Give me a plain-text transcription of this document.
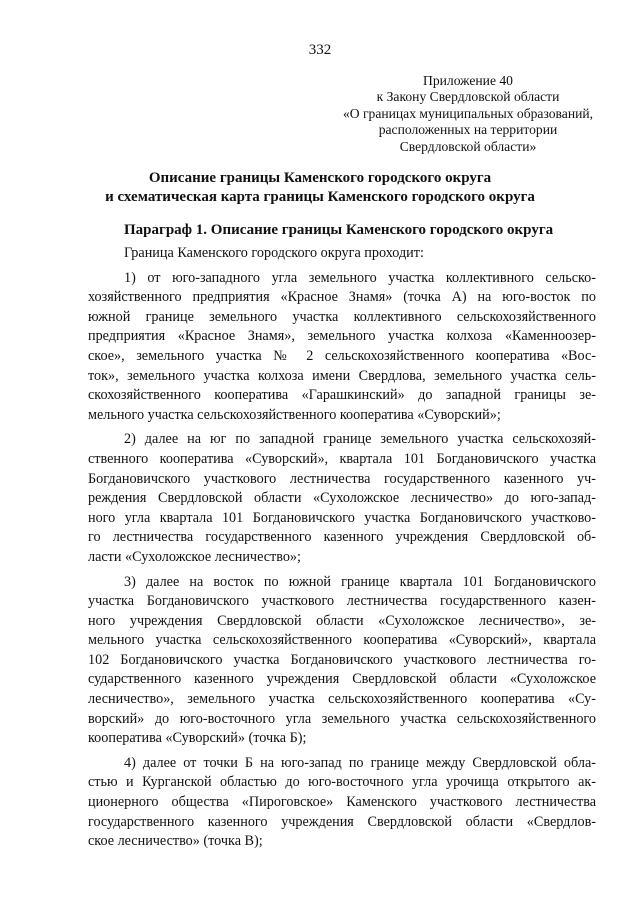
332
Приложение 40
к Закону Свердловской области
«О границах муниципальных образований,
расположенных на территории
Свердловской области»
Описание границы Каменского городского округа
и схематическая карта границы Каменского городского округа
Параграф 1. Описание границы Каменского городского округа
Граница Каменского городского округа проходит:
1) от юго-западного угла земельного участка коллективного сельско-
хозяйственного предприятия «Красное Знамя» (точка А) на юго-восток по
южной границе земельного участка коллективного сельскохозяйственного
предприятия «Красное Знамя», земельного участка колхоза «Каменноозер-
ское», земельного участка № 2 сельскохозяйственного кооператива «Вос-
ток», земельного участка колхоза имени Свердлова, земельного участка сель-
скохозяйственного кооператива «Гарашкинский» до западной границы зе-
мельного участка сельскохозяйственного кооператива «Суворский»;
2) далее на юг по западной границе земельного участка сельскохозяй-
ственного кооператива «Суворский», квартала 101 Богдановичского участка
Богдановичского участкового лестничества государственного казенного уч-
реждения Свердловской области «Сухоложское лесничество» до юго-запад-
ного угла квартала 101 Богдановичского участка Богдановичского участково-
го лестничества государственного казенного учреждения Свердловской об-
ласти «Сухоложское лесничество»;
3) далее на восток по южной границе квартала 101 Богдановичского
участка Богдановичского участкового лестничества государственного казен-
ного учреждения Свердловской области «Сухоложское лесничество», зе-
мельного участка сельскохозяйственного кооператива «Суворский», квартала
102 Богдановичского участка Богдановичского участкового лестничества го-
сударственного казенного учреждения Свердловской области «Сухоложское
лесничество», земельного участка сельскохозяйственного кооператива «Су-
ворский» до юго-восточного угла земельного участка сельскохозяйственного
кооператива «Суворский» (точка Б);
4) далее от точки Б на юго-запад по границе между Свердловской обла-
стью и Курганской областью до юго-восточного угла урочища открытого ак-
ционерного общества «Пироговское» Каменского участкового лестничества
государственного казенного учреждения Свердловской области «Свердлов-
ское лесничество» (точка В);
